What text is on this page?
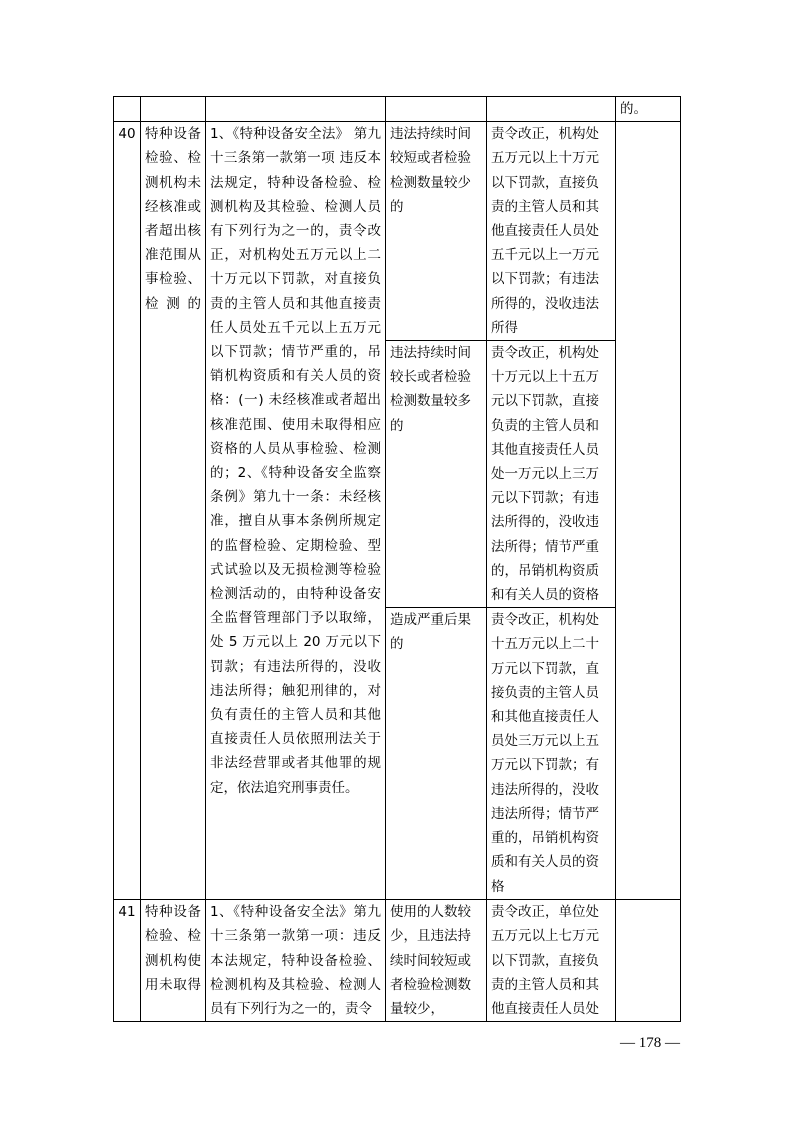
					的。
40	特种设备检验、检测机构未经核准或者超出核准范围从事检验、检测的	1、《特种设备安全法》 第九十三条第一款第一项 违反本法规定，特种设备检验、检测机构及其检验、检测人员有下列行为之一的，责令改正，对机构处五万元以上二十万元以下罚款，对直接负责的主管人员和其他直接责任人员处五千元以上五万元以下罚款；情节严重的，吊销机构资质和有关人员的资格：(一) 未经核准或者超出核准范围、使用未取得相应资格的人员从事检验、检测的；2、《特种设备安全监察条例》第九十一条：未经核准，擅自从事本条例所规定的监督检验、定期检验、型式试验以及无损检测等检验检测活动的，由特种设备安全监督管理部门予以取缔，处 5 万元以上 20 万元以下罚款；有违法所得的，没收违法所得；触犯刑律的，对负有责任的主管人员和其他直接责任人员依照刑法关于非法经营罪或者其他罪的规定，依法追究刑事责任。	违法持续时间较短或者检验检测数量较少的	责令改正，机构处五万元以上十万元以下罚款，直接负责的主管人员和其他直接责任人员处五千元以上一万元以下罚款；有违法所得的，没收违法所得	
			违法持续时间较长或者检验检测数量较多的	责令改正，机构处十万元以上十五万元以下罚款，直接负责的主管人员和其他直接责任人员处一万元以上三万元以下罚款；有违法所得的，没收违法所得；情节严重的，吊销机构资质和有关人员的资格	
			造成严重后果的	责令改正，机构处十五万元以上二十万元以下罚款，直接负责的主管人员和其他直接责任人员处三万元以上五万元以下罚款；有违法所得的，没收违法所得；情节严重的，吊销机构资质和有关人员的资格	
41	特种设备检验、检测机构使用未取得	1、《特种设备安全法》第九十三条第一款第一项：违反本法规定，特种设备检验、检测机构及其检验、检测人员有下列行为之一的，责令	使用的人数较少，且违法持续时间较短或者检验检测数量较少，	责令改正，单位处五万元以上七万元以下罚款，直接负责的主管人员和其他直接责任人员处	
— 178 —
